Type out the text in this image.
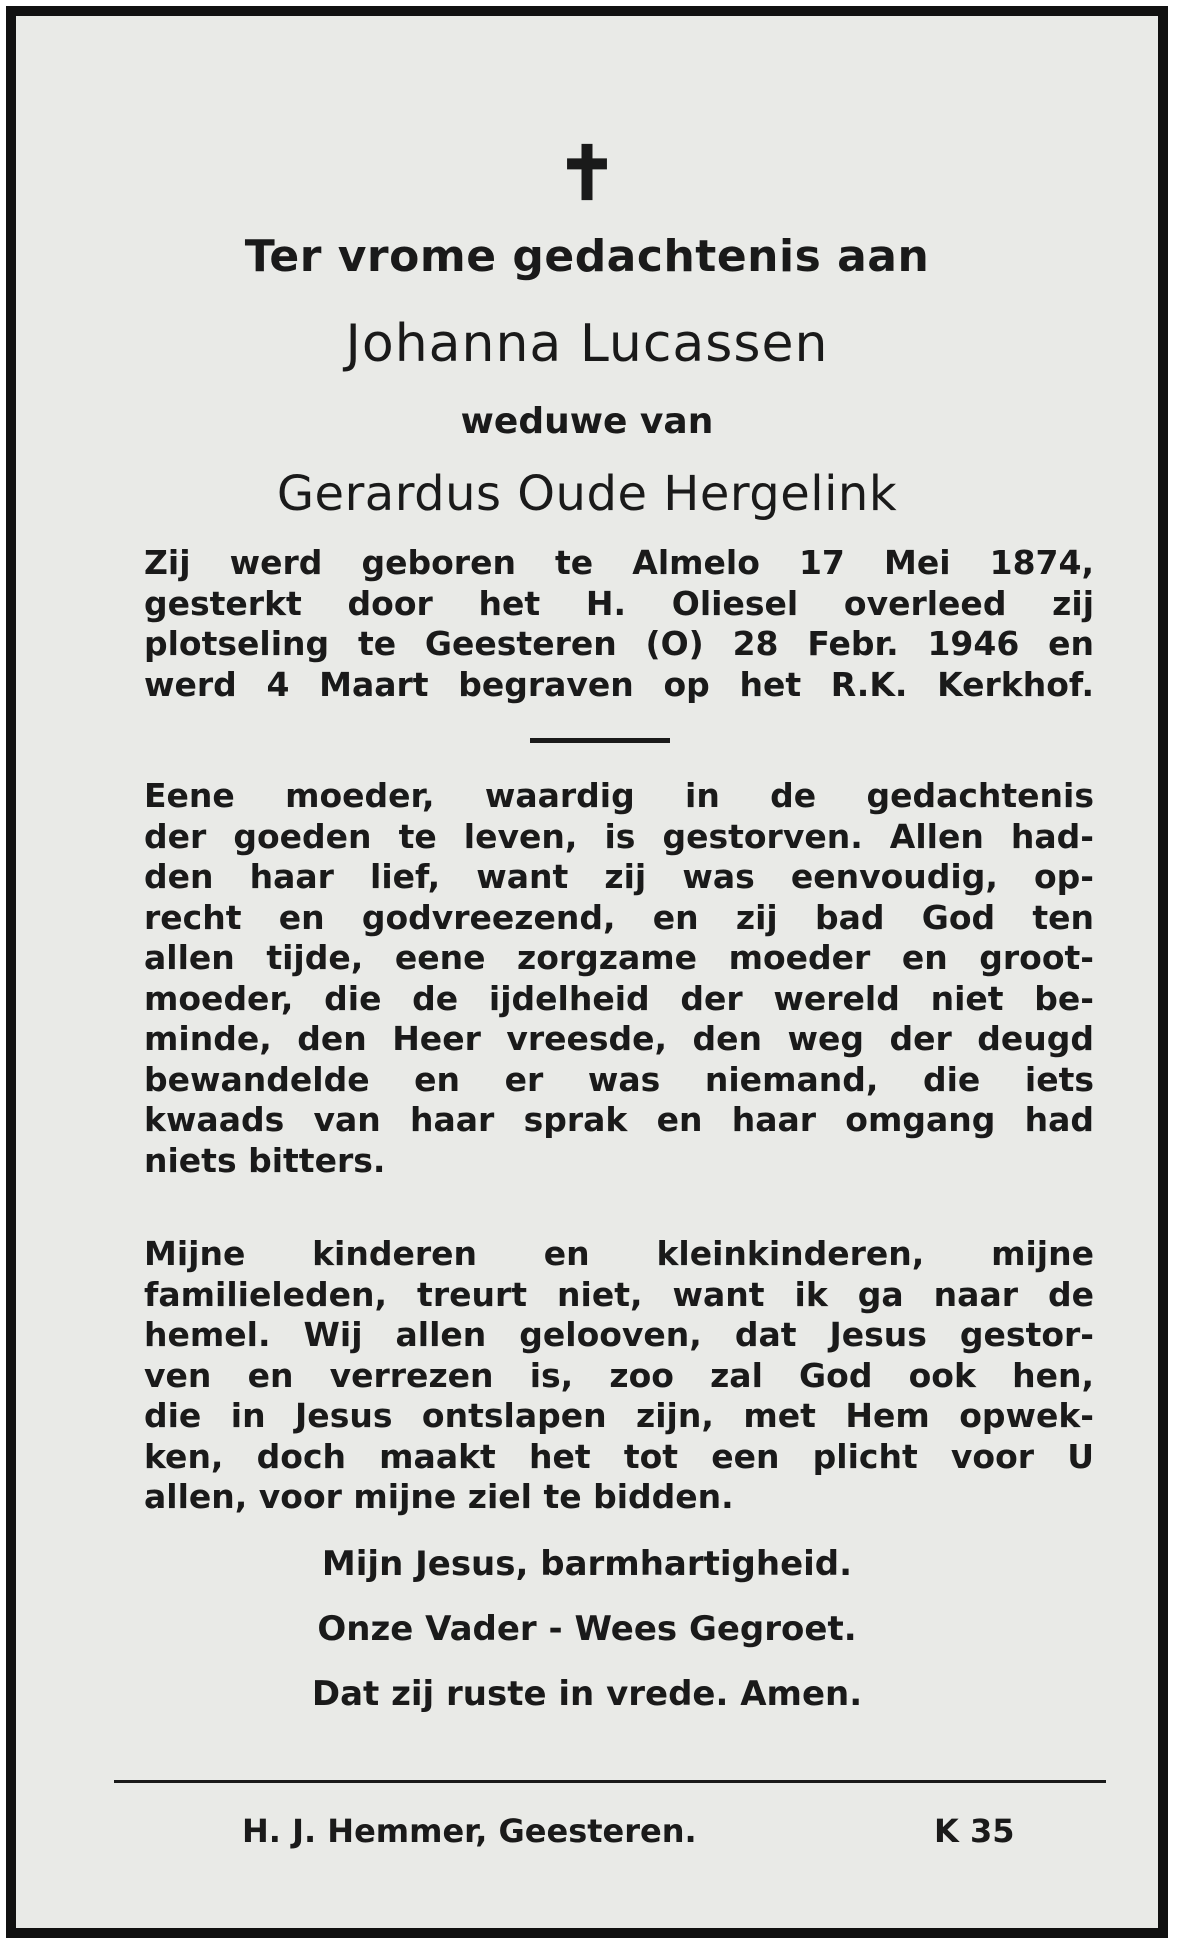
✝
Ter vrome gedachtenis aan
Johanna Lucassen
weduwe van
Gerardus Oude Hergelink
Zij werd geboren te Almelo 17 Mei 1874,
gesterkt door het H. Oliesel overleed zij
plotseling te Geesteren (O) 28 Febr. 1946 en
werd 4 Maart begraven op het R.K. Kerkhof.
Eene moeder, waardig in de gedachtenis
der goeden te leven, is gestorven. Allen had-
den haar lief, want zij was eenvoudig, op-
recht en godvreezend, en zij bad God ten
allen tijde, eene zorgzame moeder en groot-
moeder, die de ijdelheid der wereld niet be-
minde, den Heer vreesde, den weg der deugd
bewandelde en er was niemand, die iets
kwaads van haar sprak en haar omgang had
niets bitters.
Mijne kinderen en kleinkinderen, mijne
familieleden, treurt niet, want ik ga naar de
hemel. Wij allen gelooven, dat Jesus gestor-
ven en verrezen is, zoo zal God ook hen,
die in Jesus ontslapen zijn, met Hem opwek-
ken, doch maakt het tot een plicht voor U
allen, voor mijne ziel te bidden.
Mijn Jesus, barmhartigheid.
Onze Vader - Wees Gegroet.
Dat zij ruste in vrede. Amen.
H. J. Hemmer, Geesteren.	K 35
